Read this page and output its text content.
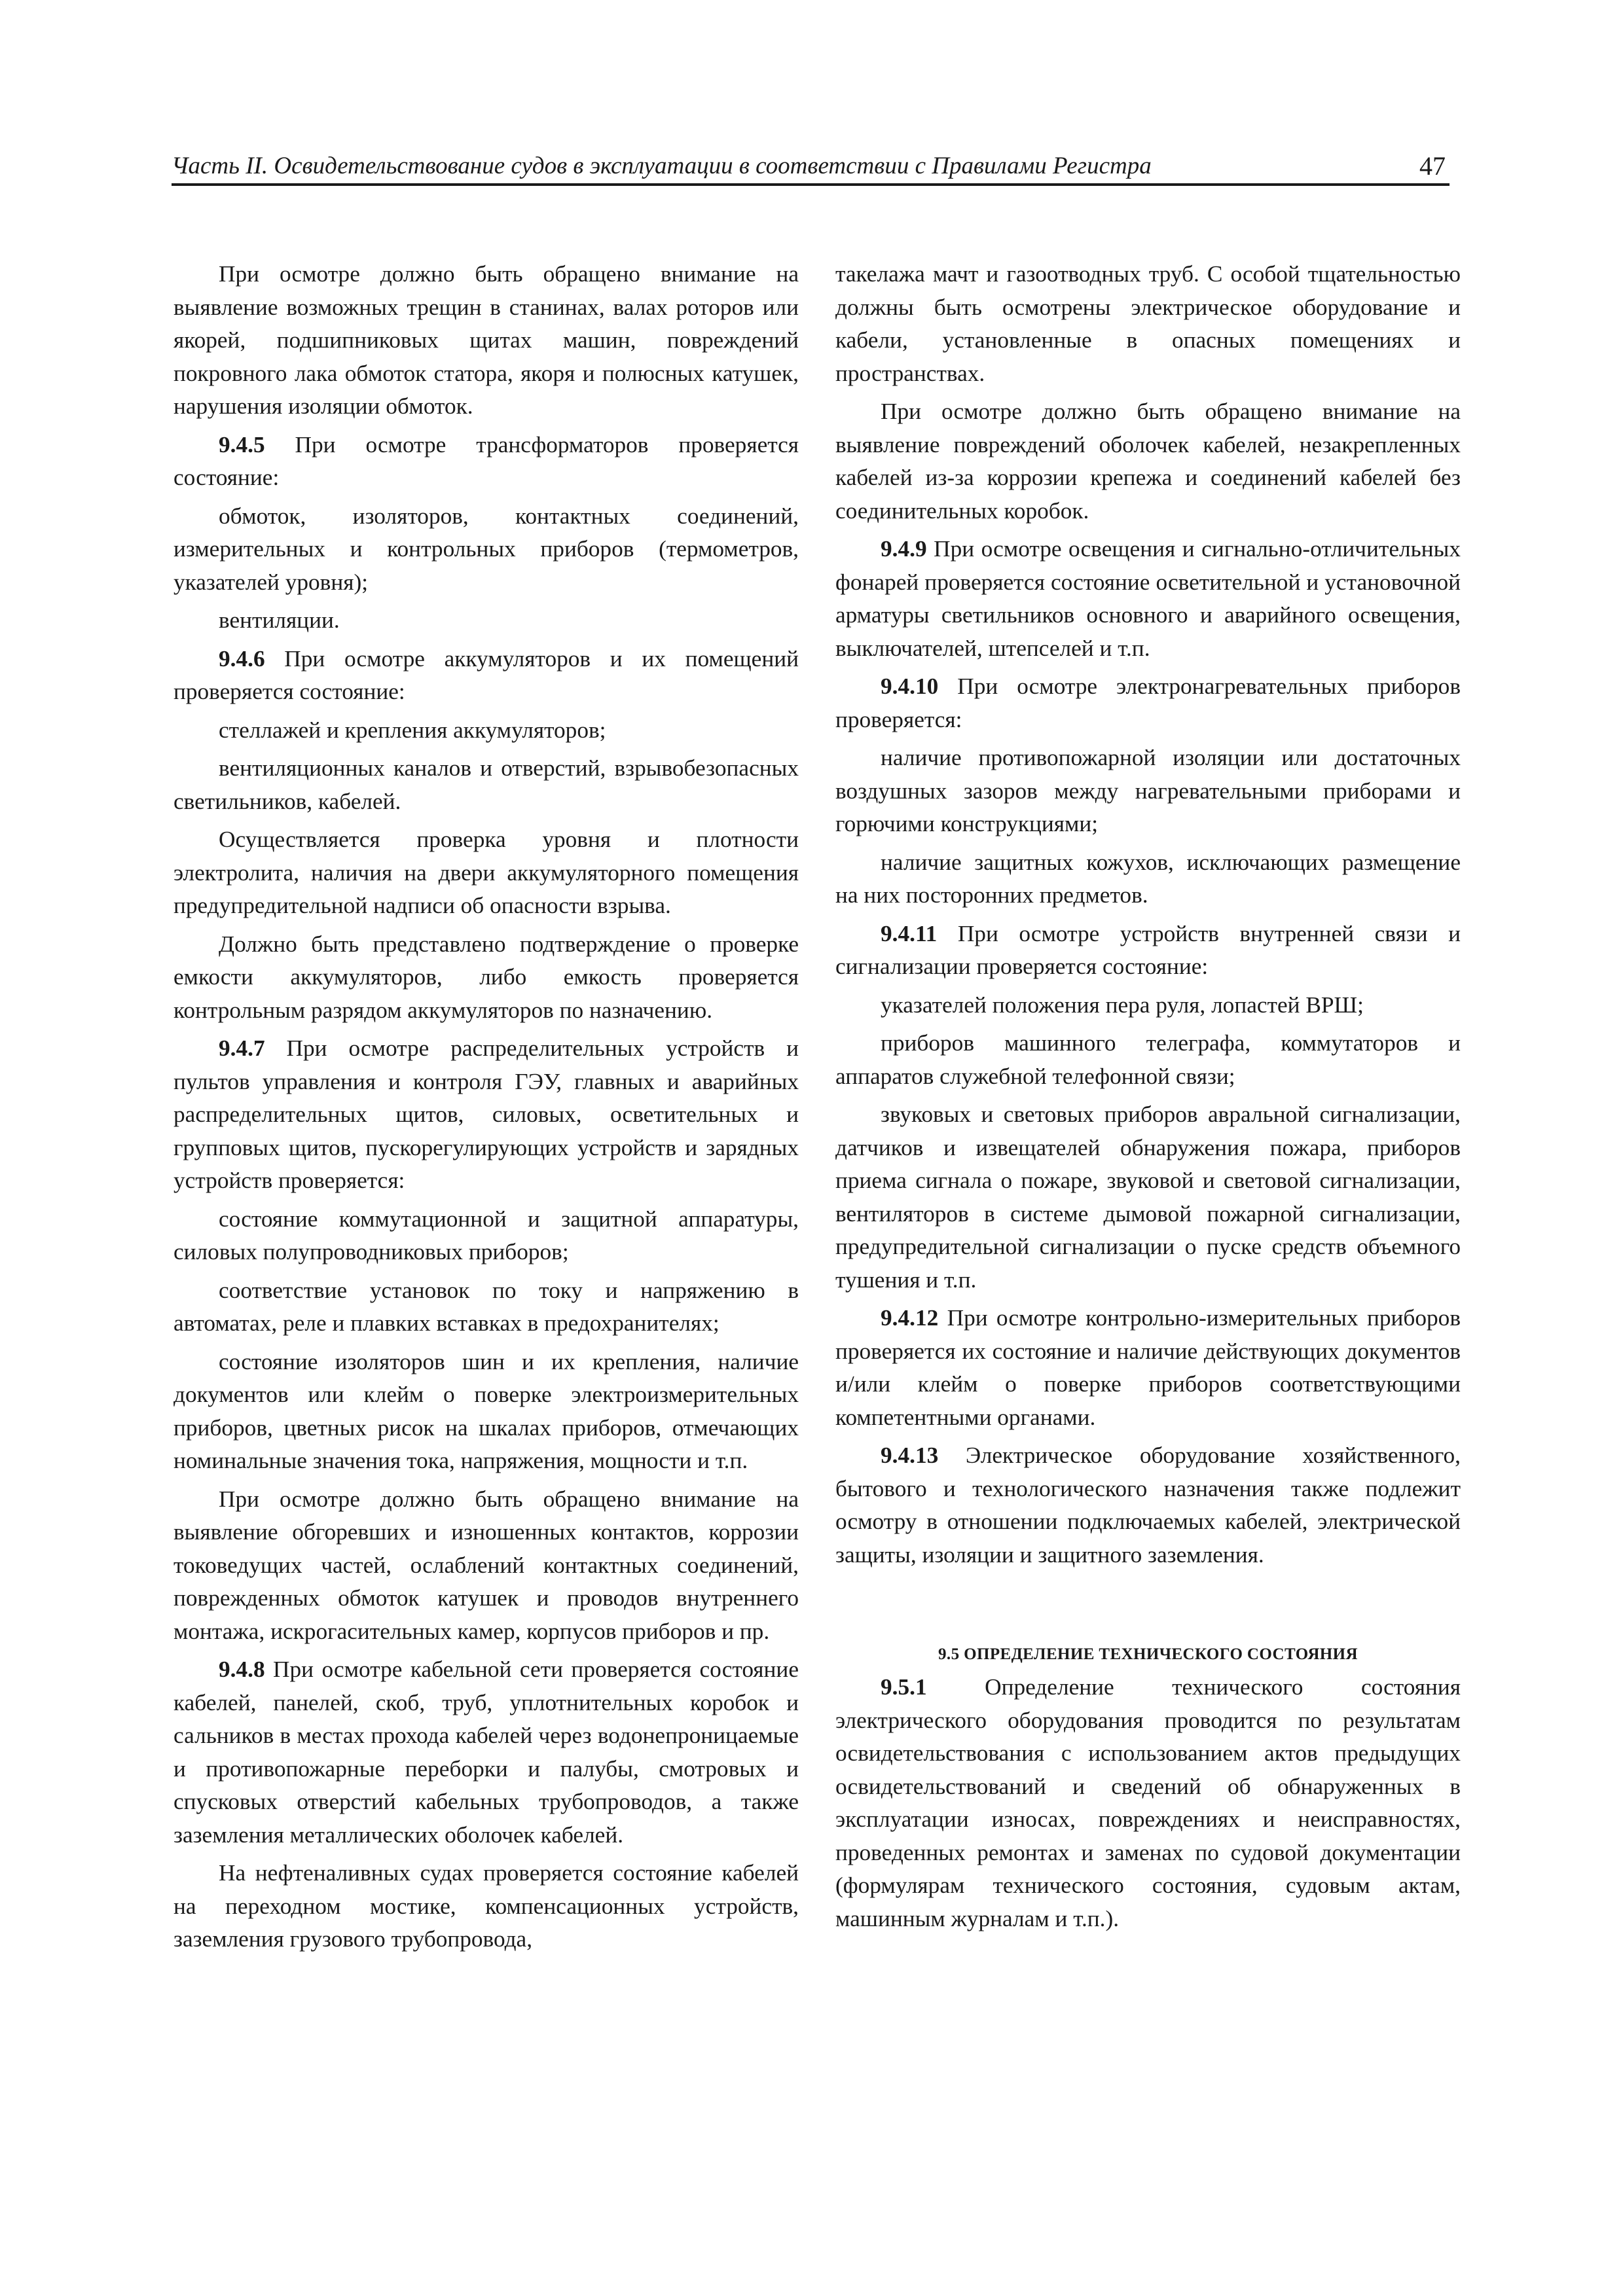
Часть II. Освидетельствование судов в эксплуатации в соответствии с Правилами Регистра	47

При осмотре должно быть обращено внимание на выявление возможных трещин в станинах, валах роторов или якорей, подшипниковых щитах машин, повреждений покровного лака обмоток статора, якоря и полюсных катушек, нарушения изоляции обмоток.

9.4.5 При осмотре трансформаторов проверяется состояние:

обмоток, изоляторов, контактных соединений, измерительных и контрольных приборов (термометров, указателей уровня);

вентиляции.

9.4.6 При осмотре аккумуляторов и их помещений проверяется состояние:

стеллажей и крепления аккумуляторов;

вентиляционных каналов и отверстий, взрывобезопасных светильников, кабелей.

Осуществляется проверка уровня и плотности электролита, наличия на двери аккумуляторного помещения предупредительной надписи об опасности взрыва.

Должно быть представлено подтверждение о проверке емкости аккумуляторов, либо емкость проверяется контрольным разрядом аккумуляторов по назначению.

9.4.7 При осмотре распределительных устройств и пультов управления и контроля ГЭУ, главных и аварийных распределительных щитов, силовых, осветительных и групповых щитов, пускорегулирующих устройств и зарядных устройств проверяется:

состояние коммутационной и защитной аппаратуры, силовых полупроводниковых приборов;

соответствие установок по току и напряжению в автоматах, реле и плавких вставках в предохранителях;

состояние изоляторов шин и их крепления, наличие документов или клейм о поверке электроизмерительных приборов, цветных рисок на шкалах приборов, отмечающих номинальные значения тока, напряжения, мощности и т.п.

При осмотре должно быть обращено внимание на выявление обгоревших и изношенных контактов, коррозии токоведущих частей, ослаблений контактных соединений, поврежденных обмоток катушек и проводов внутреннего монтажа, искрогасительных камер, корпусов приборов и пр.

9.4.8 При осмотре кабельной сети проверяется состояние кабелей, панелей, скоб, труб, уплотнительных коробок и сальников в местах прохода кабелей через водонепроницаемые и противопожарные переборки и палубы, смотровых и спусковых отверстий кабельных трубопроводов, а также заземления металлических оболочек кабелей.

На нефтеналивных судах проверяется состояние кабелей на переходном мостике, компенсационных устройств, заземления грузового трубопровода,

такелажа мачт и газоотводных труб. С особой тщательностью должны быть осмотрены электрическое оборудование и кабели, установленные в опасных помещениях и пространствах.

При осмотре должно быть обращено внимание на выявление повреждений оболочек кабелей, незакрепленных кабелей из-за коррозии крепежа и соединений кабелей без соединительных коробок.

9.4.9 При осмотре освещения и сигнально-отличительных фонарей проверяется состояние осветительной и установочной арматуры светильников основного и аварийного освещения, выключателей, штепселей и т.п.

9.4.10 При осмотре электронагревательных приборов проверяется:

наличие противопожарной изоляции или достаточных воздушных зазоров между нагревательными приборами и горючими конструкциями;

наличие защитных кожухов, исключающих размещение на них посторонних предметов.

9.4.11 При осмотре устройств внутренней связи и сигнализации проверяется состояние:

указателей положения пера руля, лопастей ВРШ;

приборов машинного телеграфа, коммутаторов и аппаратов служебной телефонной связи;

звуковых и световых приборов авральной сигнализации, датчиков и извещателей обнаружения пожара, приборов приема сигнала о пожаре, звуковой и световой сигнализации, вентиляторов в системе дымовой пожарной сигнализации, предупредительной сигнализации о пуске средств объемного тушения и т.п.

9.4.12 При осмотре контрольно-измерительных приборов проверяется их состояние и наличие действующих документов и/или клейм о поверке приборов соответствующими компетентными органами.

9.4.13 Электрическое оборудование хозяйственного, бытового и технологического назначения также подлежит осмотру в отношении подключаемых кабелей, электрической защиты, изоляции и защитного заземления.

9.5 ОПРЕДЕЛЕНИЕ ТЕХНИЧЕСКОГО СОСТОЯНИЯ

9.5.1 Определение технического состояния электрического оборудования проводится по результатам освидетельствования с использованием актов предыдущих освидетельствований и сведений об обнаруженных в эксплуатации износах, повреждениях и неисправностях, проведенных ремонтах и заменах по судовой документации (формулярам технического состояния, судовым актам, машинным журналам и т.п.).
